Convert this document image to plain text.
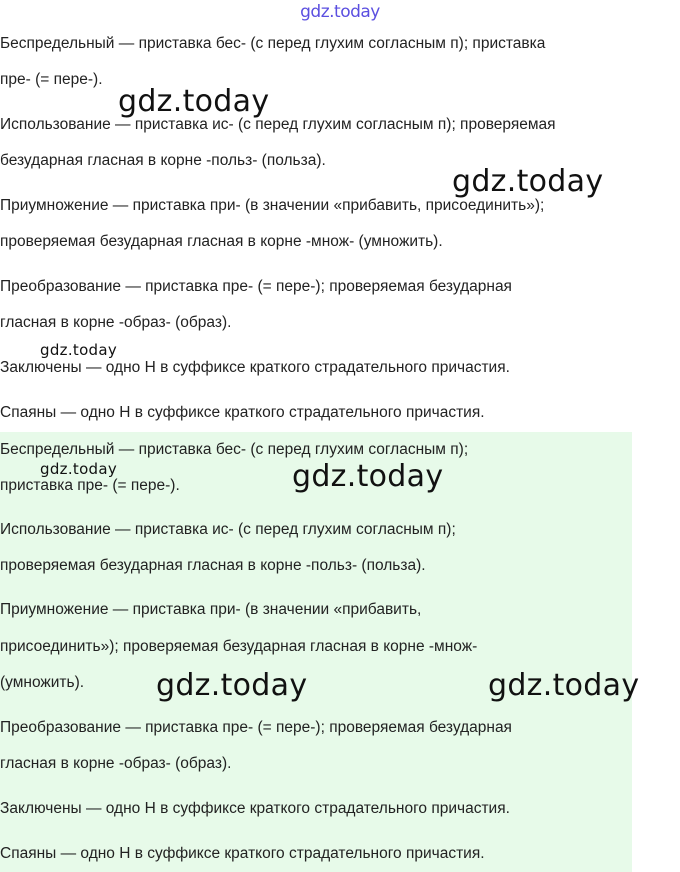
gdz.today

Беспредельный — приставка бес- (с перед глухим согласным п); приставка

пре- (= пере-).

Использование — приставка ис- (с перед глухим согласным п); проверяемая

безударная гласная в корне -польз- (польза).

Приумножение — приставка при- (в значении «прибавить, присоединить»);

проверяемая безударная гласная в корне -множ- (умножить).

Преобразование — приставка пре- (= пере-); проверяемая безударная

гласная в корне -образ- (образ).

Заключены — одно Н в суффиксе краткого страдательного причастия.

Спаяны — одно Н в суффиксе краткого страдательного причастия.

Беспредельный — приставка бес- (с перед глухим согласным п);

приставка пре- (= пере-).

Использование — приставка ис- (с перед глухим согласным п);

проверяемая безударная гласная в корне -польз- (польза).

Приумножение — приставка при- (в значении «прибавить,

присоединить»); проверяемая безударная гласная в корне -множ-

(умножить).

Преобразование — приставка пре- (= пере-); проверяемая безударная

гласная в корне -образ- (образ).

Заключены — одно Н в суффиксе краткого страдательного причастия.

Спаяны — одно Н в суффиксе краткого страдательного причастия.

gdz.today
gdz.today
gdz.today
gdz.today	gdz.today
gdz.today	gdz.today
